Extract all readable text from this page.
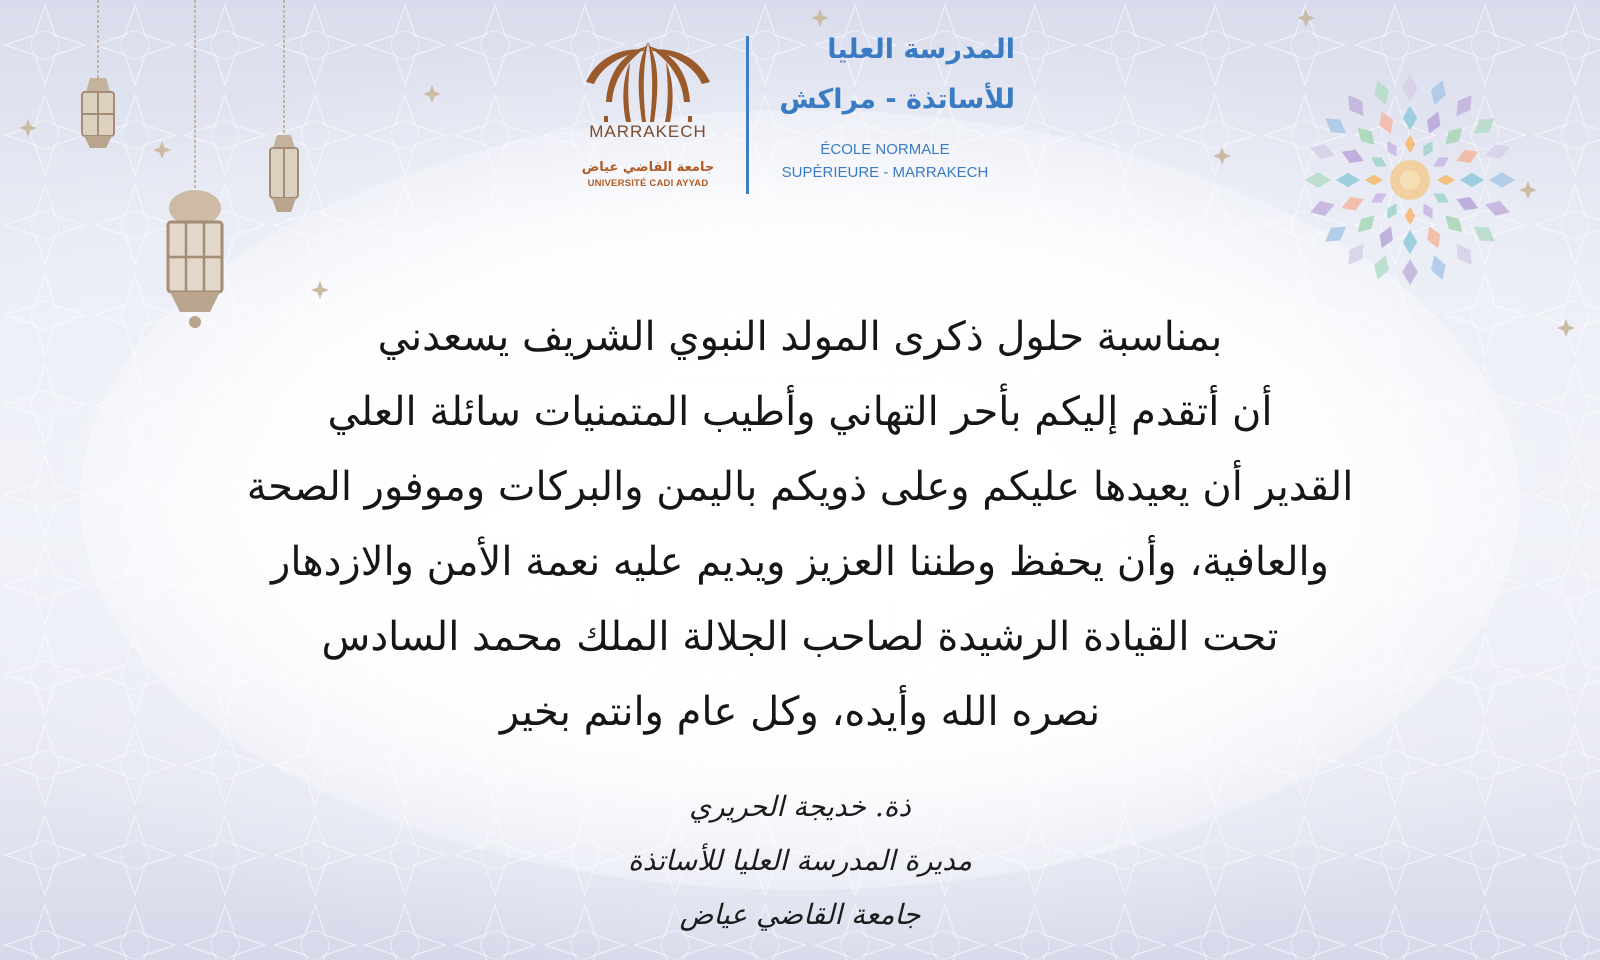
MARRAKECH
جامعة القاضي عياض
UNIVERSITÉ CADI AYYAD
المدرسة العليا
للأساتذة - مراكش
ÉCOLE NORMALE
SUPÉRIEURE - MARRAKECH
بمناسبة حلول ذكرى المولد النبوي الشريف يسعدني
أن أتقدم إليكم بأحر التهاني وأطيب المتمنيات سائلة العلي
القدير أن يعيدها عليكم وعلى ذويكم باليمن والبركات وموفور الصحة
والعافية، وأن يحفظ وطننا العزيز ويديم عليه نعمة الأمن والازدهار
تحت القيادة الرشيدة لصاحب الجلالة الملك محمد السادس
نصره الله وأيده، وكل عام وانتم بخير
ذة. خديجة الحريري
مديرة المدرسة العليا للأساتذة
جامعة القاضي عياض
